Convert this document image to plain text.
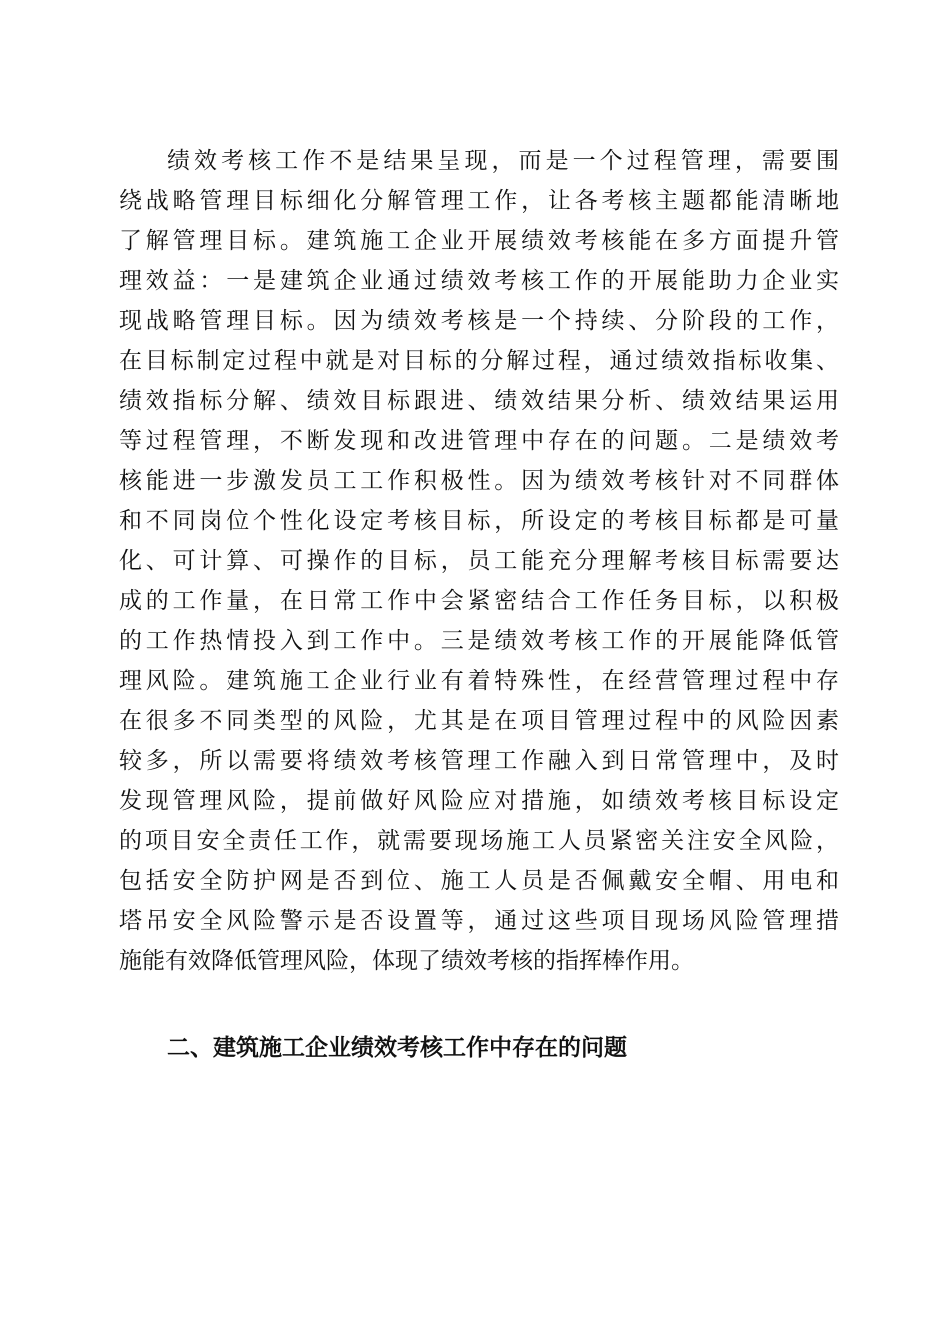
绩效考核工作不是结果呈现，而是一个过程管理，需要围
绕战略管理目标细化分解管理工作，让各考核主题都能清晰地
了解管理目标。建筑施工企业开展绩效考核能在多方面提升管
理效益：一是建筑企业通过绩效考核工作的开展能助力企业实
现战略管理目标。因为绩效考核是一个持续、分阶段的工作，
在目标制定过程中就是对目标的分解过程，通过绩效指标收集、
绩效指标分解、绩效目标跟进、绩效结果分析、绩效结果运用
等过程管理，不断发现和改进管理中存在的问题。二是绩效考
核能进一步激发员工工作积极性。因为绩效考核针对不同群体
和不同岗位个性化设定考核目标，所设定的考核目标都是可量
化、可计算、可操作的目标，员工能充分理解考核目标需要达
成的工作量，在日常工作中会紧密结合工作任务目标，以积极
的工作热情投入到工作中。三是绩效考核工作的开展能降低管
理风险。建筑施工企业行业有着特殊性，在经营管理过程中存
在很多不同类型的风险，尤其是在项目管理过程中的风险因素
较多，所以需要将绩效考核管理工作融入到日常管理中，及时
发现管理风险，提前做好风险应对措施，如绩效考核目标设定
的项目安全责任工作，就需要现场施工人员紧密关注安全风险，
包括安全防护网是否到位、施工人员是否佩戴安全帽、用电和
塔吊安全风险警示是否设置等，通过这些项目现场风险管理措
施能有效降低管理风险，体现了绩效考核的指挥棒作用。
二、建筑施工企业绩效考核工作中存在的问题
